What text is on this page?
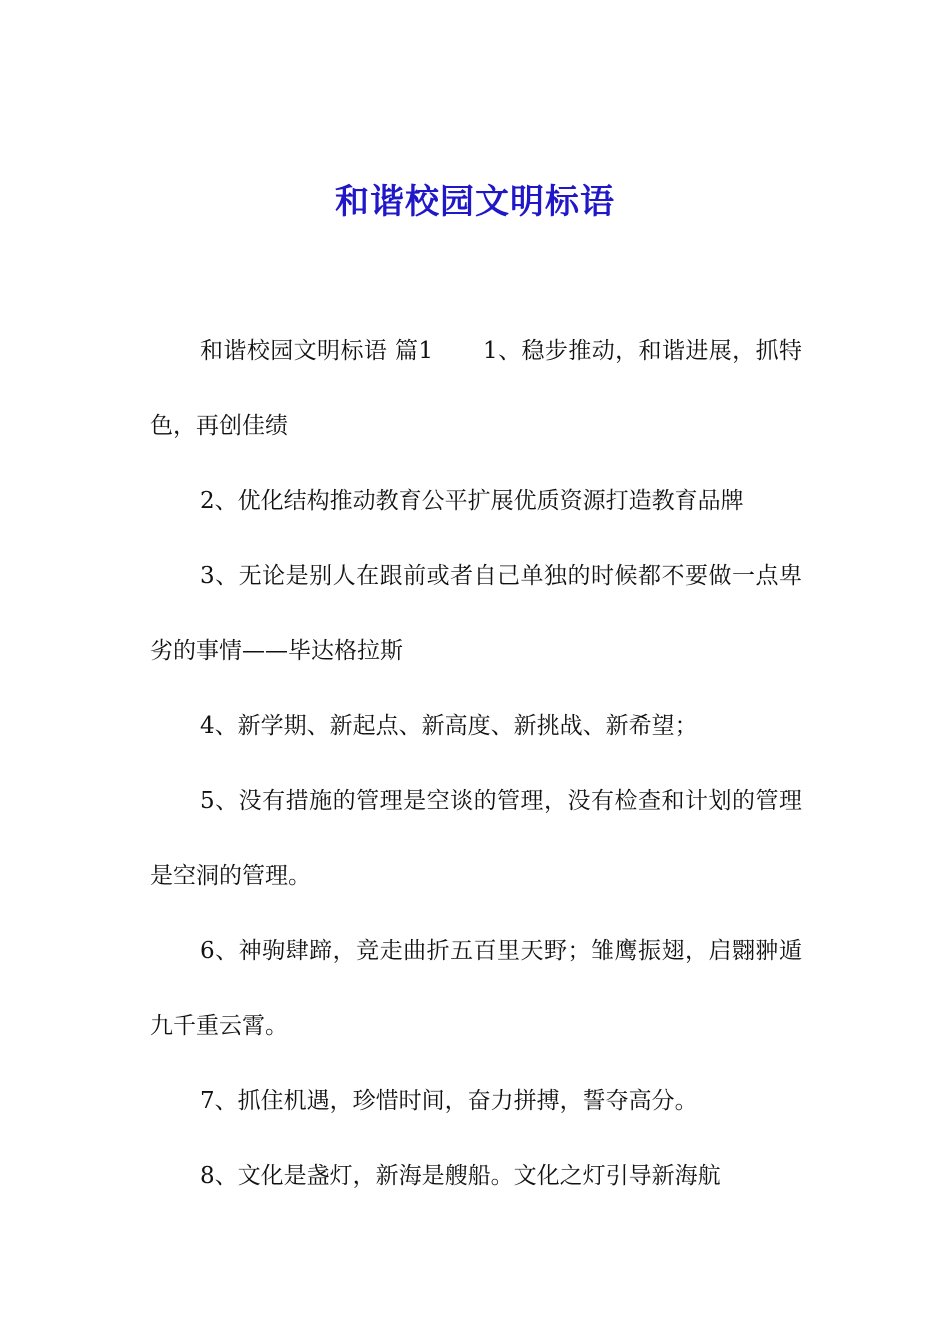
和谐校园文明标语

和谐校园文明标语 篇1 1、稳步推动，和谐进展，抓特色，再创佳绩

2、优化结构推动教育公平扩展优质资源打造教育品牌

3、无论是别人在跟前或者自己单独的时候都不要做一点卑劣的事情——毕达格拉斯

4、新学期、新起点、新高度、新挑战、新希望；

5、没有措施的管理是空谈的管理，没有检查和计划的管理是空洞的管理。

6、神驹肆蹄，竞走曲折五百里天野；雏鹰振翅，启翾翀遁九千重云霄。

7、抓住机遇，珍惜时间，奋力拼搏，誓夺高分。

8、文化是盏灯，新海是艘船。文化之灯引导新海航
